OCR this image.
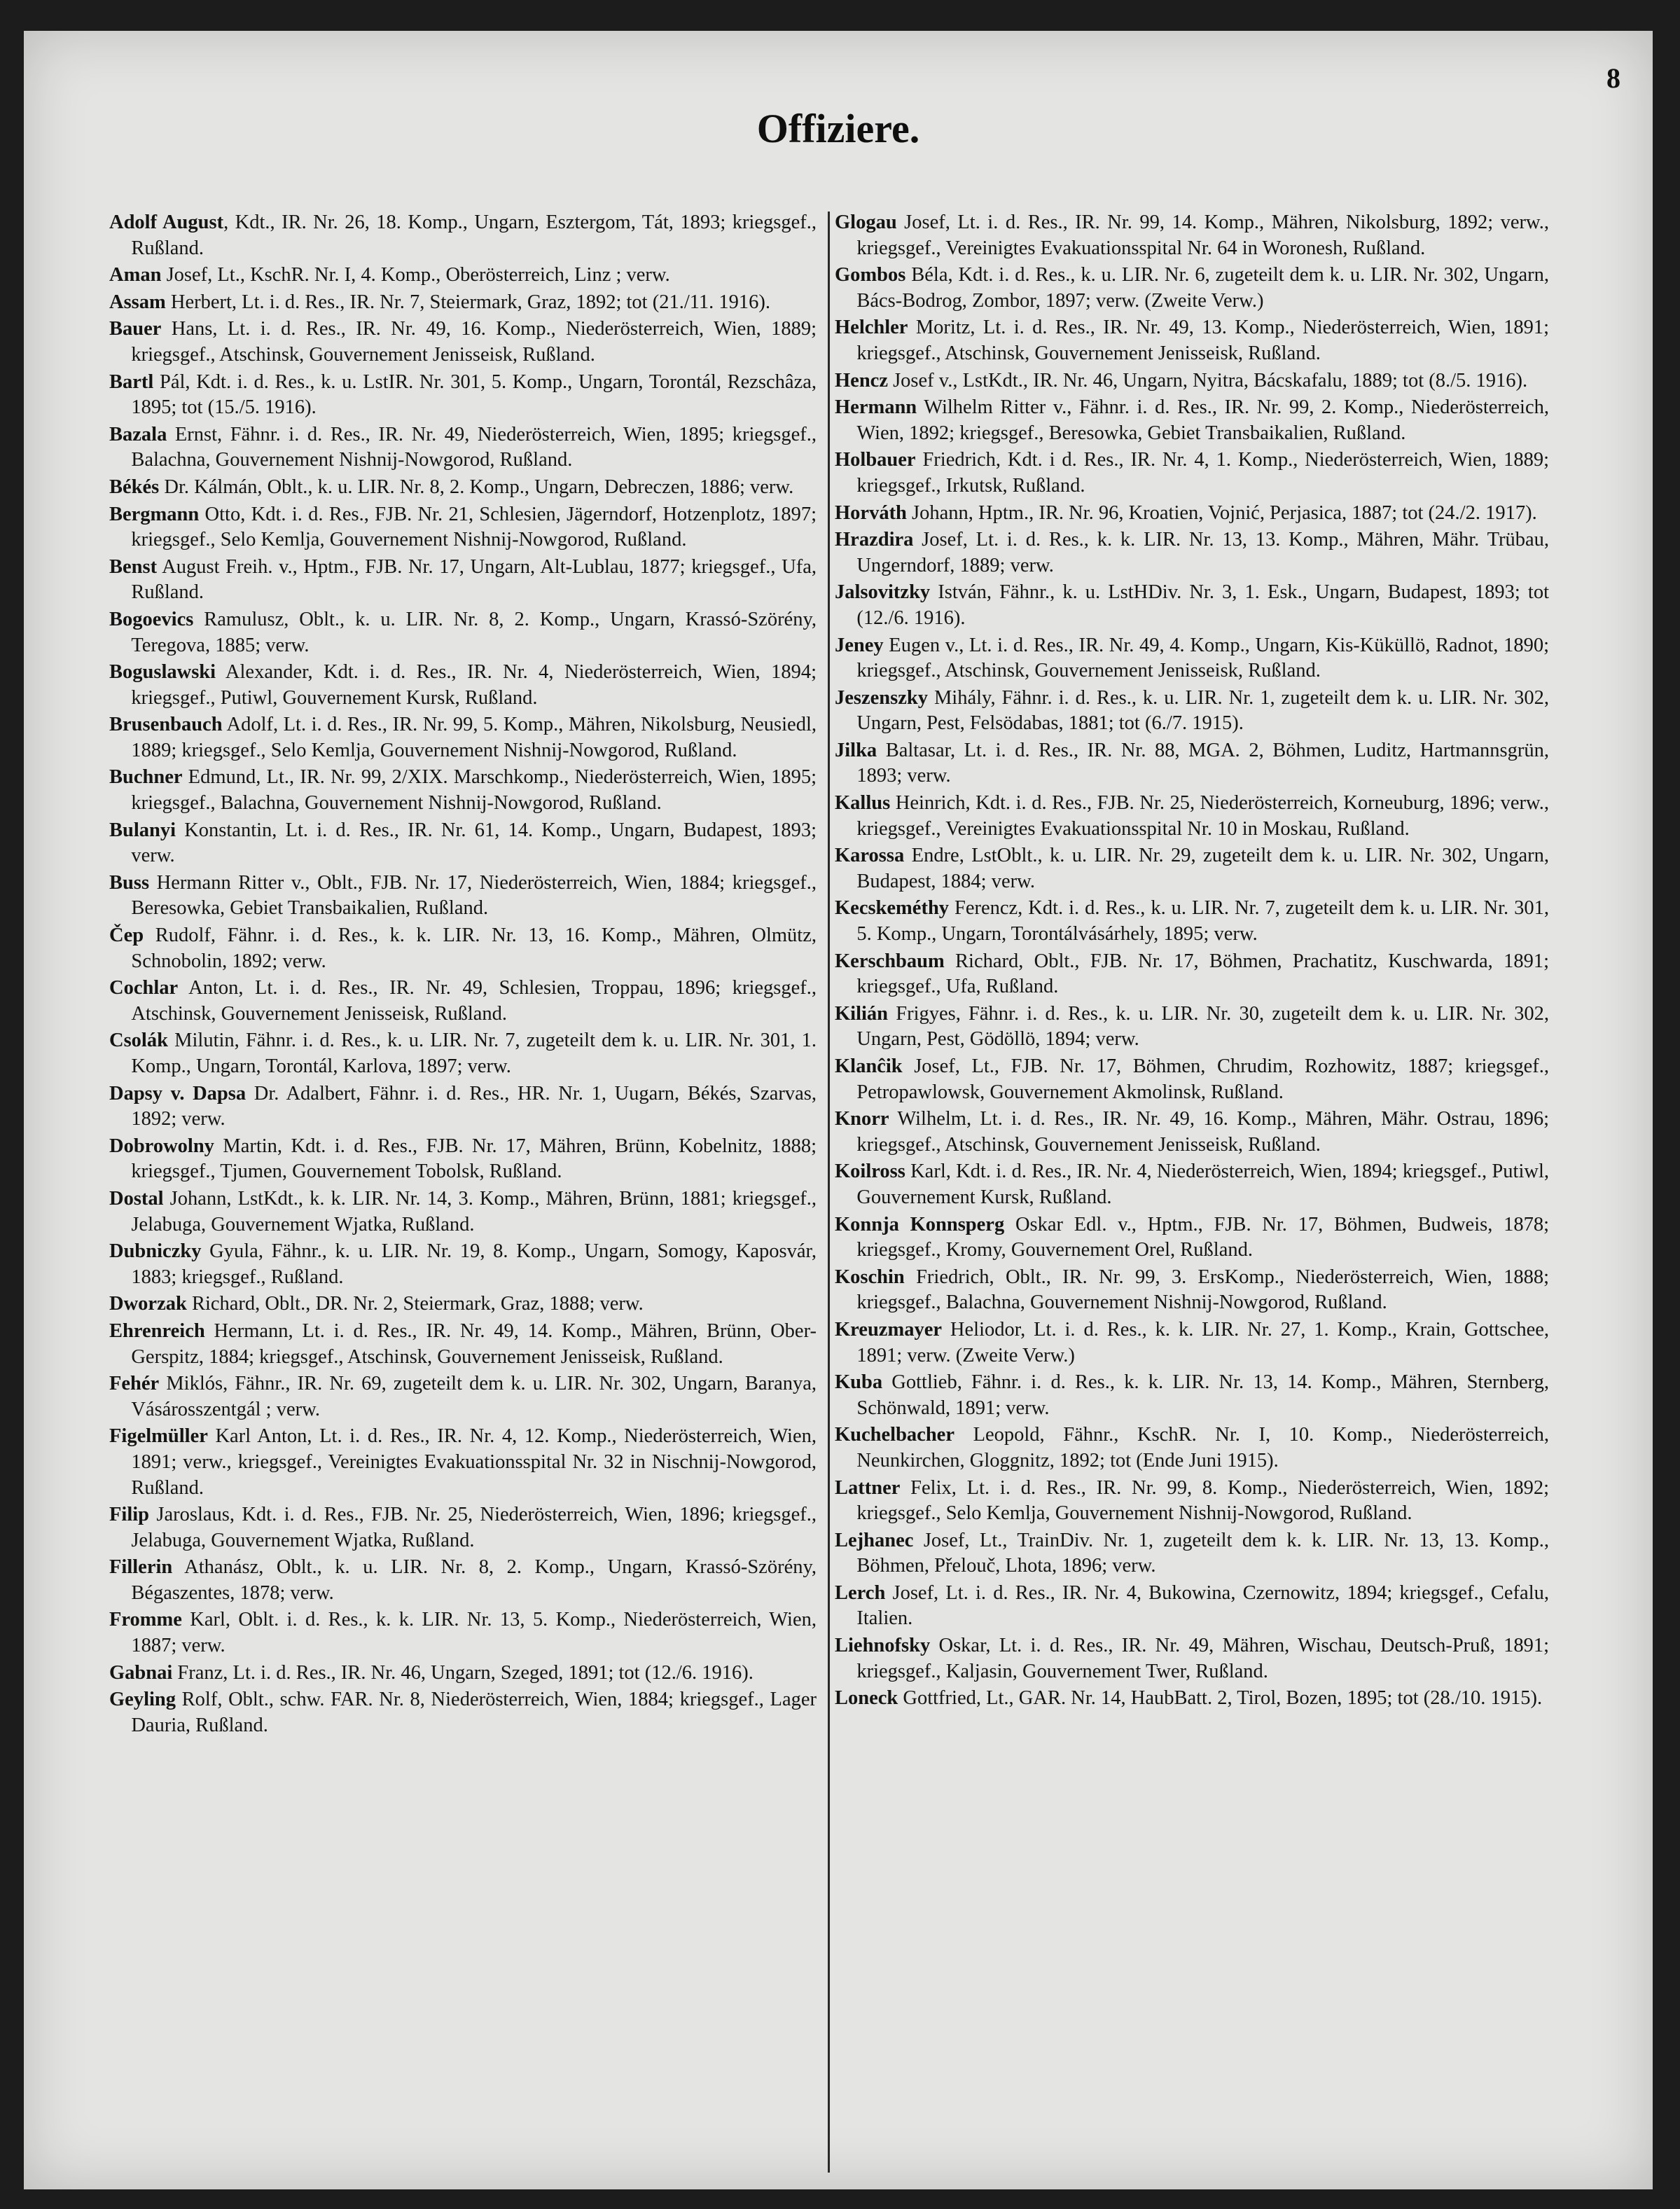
8
Offiziere.

Adolf August, Kdt., IR. Nr. 26, 18. Komp., Ungarn, Esztergom, Tát, 1893; kriegsgef., Rußland.

Aman Josef, Lt., KschR. Nr. I, 4. Komp., Oberösterreich, Linz ; verw.

Assam Herbert, Lt. i. d. Res., IR. Nr. 7, Steiermark, Graz, 1892; tot (21./11. 1916).

Bauer Hans, Lt. i. d. Res., IR. Nr. 49, 16. Komp., Niederösterreich, Wien, 1889; kriegsgef., Atschinsk, Gouvernement Jenisseisk, Rußland.

Bartl Pál, Kdt. i. d. Res., k. u. LstIR. Nr. 301, 5. Komp., Ungarn, Torontál, Rezschâza, 1895; tot (15./5. 1916).

Bazala Ernst, Fähnr. i. d. Res., IR. Nr. 49, Niederösterreich, Wien, 1895; kriegsgef., Balachna, Gouvernement Nishnij-Nowgorod, Rußland.

Békés Dr. Kálmán, Oblt., k. u. LIR. Nr. 8, 2. Komp., Ungarn, Debreczen, 1886; verw.

Bergmann Otto, Kdt. i. d. Res., FJB. Nr. 21, Schlesien, Jägerndorf, Hotzenplotz, 1897; kriegsgef., Selo Kemlja, Gouvernement Nishnij-Nowgorod, Rußland.

Benst August Freih. v., Hptm., FJB. Nr. 17, Ungarn, Alt-Lublau, 1877; kriegsgef., Ufa, Rußland.

Bogoevics Ramulusz, Oblt., k. u. LIR. Nr. 8, 2. Komp., Ungarn, Krassó-Szörény, Teregova, 1885; verw.

Boguslawski Alexander, Kdt. i. d. Res., IR. Nr. 4, Niederösterreich, Wien, 1894; kriegsgef., Putiwl, Gouvernement Kursk, Rußland.

Brusenbauch Adolf, Lt. i. d. Res., IR. Nr. 99, 5. Komp., Mähren, Nikolsburg, Neusiedl, 1889; kriegsgef., Selo Kemlja, Gouvernement Nishnij-Nowgorod, Rußland.

Buchner Edmund, Lt., IR. Nr. 99, 2/XIX. Marschkomp., Niederösterreich, Wien, 1895; kriegsgef., Balachna, Gouvernement Nishnij-Nowgorod, Rußland.

Bulanyi Konstantin, Lt. i. d. Res., IR. Nr. 61, 14. Komp., Ungarn, Budapest, 1893; verw.

Buss Hermann Ritter v., Oblt., FJB. Nr. 17, Niederösterreich, Wien, 1884; kriegsgef., Beresowka, Gebiet Transbaikalien, Rußland.

Čep Rudolf, Fähnr. i. d. Res., k. k. LIR. Nr. 13, 16. Komp., Mähren, Olmütz, Schnobolin, 1892; verw.

Cochlar Anton, Lt. i. d. Res., IR. Nr. 49, Schlesien, Troppau, 1896; kriegsgef., Atschinsk, Gouvernement Jenisseisk, Rußland.

Csolák Milutin, Fähnr. i. d. Res., k. u. LIR. Nr. 7, zugeteilt dem k. u. LIR. Nr. 301, 1. Komp., Ungarn, Torontál, Karlova, 1897; verw.

Dapsy v. Dapsa Dr. Adalbert, Fähnr. i. d. Res., HR. Nr. 1, Uugarn, Békés, Szarvas, 1892; verw.

Dobrowolny Martin, Kdt. i. d. Res., FJB. Nr. 17, Mähren, Brünn, Kobelnitz, 1888; kriegsgef., Tjumen, Gouvernement Tobolsk, Rußland.

Dostal Johann, LstKdt., k. k. LIR. Nr. 14, 3. Komp., Mähren, Brünn, 1881; kriegsgef., Jelabuga, Gouvernement Wjatka, Rußland.

Dubniczky Gyula, Fähnr., k. u. LIR. Nr. 19, 8. Komp., Ungarn, Somogy, Kaposvár, 1883; kriegsgef., Rußland.

Dworzak Richard, Oblt., DR. Nr. 2, Steiermark, Graz, 1888; verw.

Ehrenreich Hermann, Lt. i. d. Res., IR. Nr. 49, 14. Komp., Mähren, Brünn, Ober-Gerspitz, 1884; kriegsgef., Atschinsk, Gouvernement Jenisseisk, Rußland.

Fehér Miklós, Fähnr., IR. Nr. 69, zugeteilt dem k. u. LIR. Nr. 302, Ungarn, Baranya, Vásárosszentgál ; verw.

Figelmüller Karl Anton, Lt. i. d. Res., IR. Nr. 4, 12. Komp., Niederösterreich, Wien, 1891; verw., kriegsgef., Vereinigtes Evakuationsspital Nr. 32 in Nischnij-Nowgorod, Rußland.

Filip Jaroslaus, Kdt. i. d. Res., FJB. Nr. 25, Niederösterreich, Wien, 1896; kriegsgef., Jelabuga, Gouvernement Wjatka, Rußland.

Fillerin Athanász, Oblt., k. u. LIR. Nr. 8, 2. Komp., Ungarn, Krassó-Szörény, Bégaszentes, 1878; verw.

Fromme Karl, Oblt. i. d. Res., k. k. LIR. Nr. 13, 5. Komp., Niederösterreich, Wien, 1887; verw.

Gabnai Franz, Lt. i. d. Res., IR. Nr. 46, Ungarn, Szeged, 1891; tot (12./6. 1916).

Geyling Rolf, Oblt., schw. FAR. Nr. 8, Niederösterreich, Wien, 1884; kriegsgef., Lager Dauria, Rußland.

Glogau Josef, Lt. i. d. Res., IR. Nr. 99, 14. Komp., Mähren, Nikolsburg, 1892; verw., kriegsgef., Vereinigtes Evakuationsspital Nr. 64 in Woronesh, Rußland.

Gombos Béla, Kdt. i. d. Res., k. u. LIR. Nr. 6, zugeteilt dem k. u. LIR. Nr. 302, Ungarn, Bács-Bodrog, Zombor, 1897; verw. (Zweite Verw.)

Helchler Moritz, Lt. i. d. Res., IR. Nr. 49, 13. Komp., Niederösterreich, Wien, 1891; kriegsgef., Atschinsk, Gouvernement Jenisseisk, Rußland.

Hencz Josef v., LstKdt., IR. Nr. 46, Ungarn, Nyitra, Bácskafalu, 1889; tot (8./5. 1916).

Hermann Wilhelm Ritter v., Fähnr. i. d. Res., IR. Nr. 99, 2. Komp., Niederösterreich, Wien, 1892; kriegsgef., Beresowka, Gebiet Transbaikalien, Rußland.

Holbauer Friedrich, Kdt. i d. Res., IR. Nr. 4, 1. Komp., Niederösterreich, Wien, 1889; kriegsgef., Irkutsk, Rußland.

Horváth Johann, Hptm., IR. Nr. 96, Kroatien, Vojnić, Perjasica, 1887; tot (24./2. 1917).

Hrazdira Josef, Lt. i. d. Res., k. k. LIR. Nr. 13, 13. Komp., Mähren, Mähr. Trübau, Ungerndorf, 1889; verw.

Jalsovitzky István, Fähnr., k. u. LstHDiv. Nr. 3, 1. Esk., Ungarn, Budapest, 1893; tot (12./6. 1916).

Jeney Eugen v., Lt. i. d. Res., IR. Nr. 49, 4. Komp., Ungarn, Kis-Küküllö, Radnot, 1890; kriegsgef., Atschinsk, Gouvernement Jenisseisk, Rußland.

Jeszenszky Mihály, Fähnr. i. d. Res., k. u. LIR. Nr. 1, zugeteilt dem k. u. LIR. Nr. 302, Ungarn, Pest, Felsödabas, 1881; tot (6./7. 1915).

Jilka Baltasar, Lt. i. d. Res., IR. Nr. 88, MGA. 2, Böhmen, Luditz, Hartmannsgrün, 1893; verw.

Kallus Heinrich, Kdt. i. d. Res., FJB. Nr. 25, Niederösterreich, Korneuburg, 1896; verw., kriegsgef., Vereinigtes Evakuationsspital Nr. 10 in Moskau, Rußland.

Karossa Endre, LstOblt., k. u. LIR. Nr. 29, zugeteilt dem k. u. LIR. Nr. 302, Ungarn, Budapest, 1884; verw.

Kecskeméthy Ferencz, Kdt. i. d. Res., k. u. LIR. Nr. 7, zugeteilt dem k. u. LIR. Nr. 301, 5. Komp., Ungarn, Torontálvásárhely, 1895; verw.

Kerschbaum Richard, Oblt., FJB. Nr. 17, Böhmen, Prachatitz, Kuschwarda, 1891; kriegsgef., Ufa, Rußland.

Kilián Frigyes, Fähnr. i. d. Res., k. u. LIR. Nr. 30, zugeteilt dem k. u. LIR. Nr. 302, Ungarn, Pest, Gödöllö, 1894; verw.

Klanĉik Josef, Lt., FJB. Nr. 17, Böhmen, Chrudim, Rozhowitz, 1887; kriegsgef., Petropawlowsk, Gouvernement Akmolinsk, Rußland.

Knorr Wilhelm, Lt. i. d. Res., IR. Nr. 49, 16. Komp., Mähren, Mähr. Ostrau, 1896; kriegsgef., Atschinsk, Gouvernement Jenisseisk, Rußland.

Koilross Karl, Kdt. i. d. Res., IR. Nr. 4, Niederösterreich, Wien, 1894; kriegsgef., Putiwl, Gouvernement Kursk, Rußland.

Konnja Konnsperg Oskar Edl. v., Hptm., FJB. Nr. 17, Böhmen, Budweis, 1878; kriegsgef., Kromy, Gouvernement Orel, Rußland.

Koschin Friedrich, Oblt., IR. Nr. 99, 3. ErsKomp., Niederösterreich, Wien, 1888; kriegsgef., Balachna, Gouvernement Nishnij-Nowgorod, Rußland.

Kreuzmayer Heliodor, Lt. i. d. Res., k. k. LIR. Nr. 27, 1. Komp., Krain, Gottschee, 1891; verw. (Zweite Verw.)

Kuba Gottlieb, Fähnr. i. d. Res., k. k. LIR. Nr. 13, 14. Komp., Mähren, Sternberg, Schönwald, 1891; verw.

Kuchelbacher Leopold, Fähnr., KschR. Nr. I, 10. Komp., Niederösterreich, Neunkirchen, Gloggnitz, 1892; tot (Ende Juni 1915).

Lattner Felix, Lt. i. d. Res., IR. Nr. 99, 8. Komp., Niederösterreich, Wien, 1892; kriegsgef., Selo Kemlja, Gouvernement Nishnij-Nowgorod, Rußland.

Lejhanec Josef, Lt., TrainDiv. Nr. 1, zugeteilt dem k. k. LIR. Nr. 13, 13. Komp., Böhmen, Přelouč, Lhota, 1896; verw.

Lerch Josef, Lt. i. d. Res., IR. Nr. 4, Bukowina, Czernowitz, 1894; kriegsgef., Cefalu, Italien.

Liehnofsky Oskar, Lt. i. d. Res., IR. Nr. 49, Mähren, Wischau, Deutsch-Pruß, 1891; kriegsgef., Kaljasin, Gouvernement Twer, Rußland.

Loneck Gottfried, Lt., GAR. Nr. 14, HaubBatt. 2, Tirol, Bozen, 1895; tot (28./10. 1915).
